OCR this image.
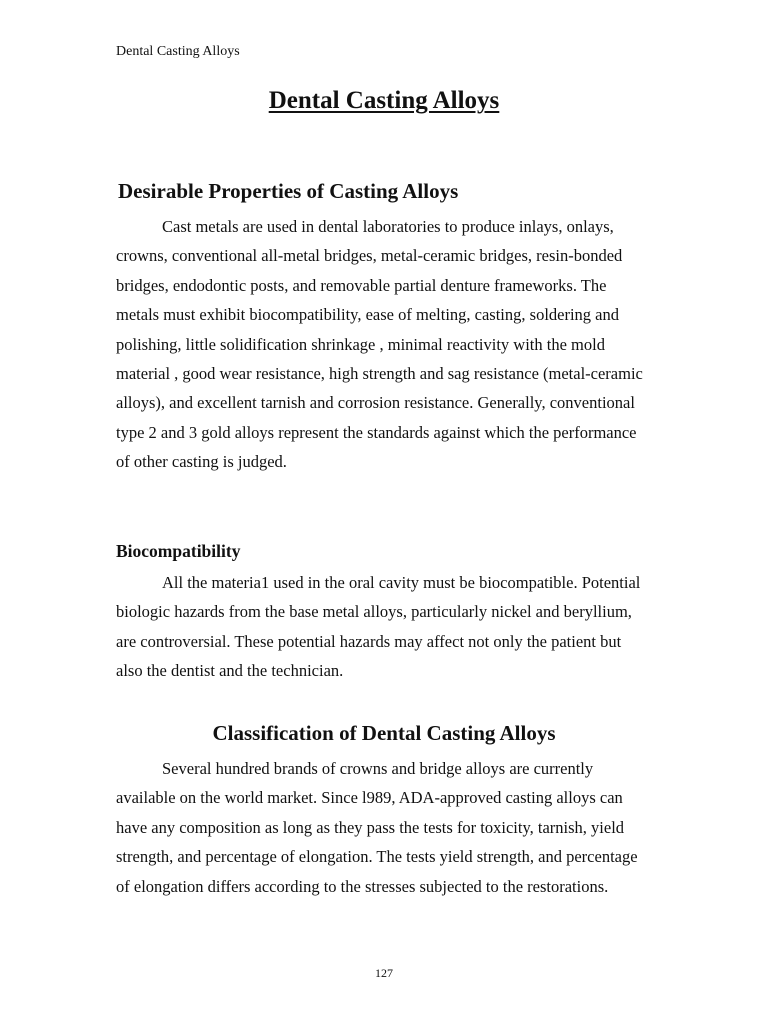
Dental Casting Alloys
Dental Casting Alloys
Desirable Properties of Casting Alloys

Cast metals are used in dental laboratories to produce inlays, onlays, crowns, conventional all-metal bridges, metal-ceramic bridges, resin-bonded bridges, endodontic posts, and removable partial denture frameworks. The metals must exhibit biocompatibility, ease of melting, casting, soldering and polishing, little solidification shrinkage , minimal reactivity with the mold material , good wear resistance, high strength and sag resistance (metal-ceramic alloys), and excellent tarnish and corrosion resistance. Generally, conventional type 2 and 3 gold alloys represent the standards against which the performance of other casting is judged.

Biocompatibility

All the materia1 used in the oral cavity must be biocompatible. Potential biologic hazards from the base metal alloys, particularly nickel and beryllium, are controversial. These potential hazards may affect not only the patient but also the dentist and the technician.

Classification of Dental Casting Alloys

Several hundred brands of crowns and bridge alloys are currently available on the world market. Since l989, ADA-approved casting alloys can have any composition as long as they pass the tests for toxicity, tarnish, yield strength, and percentage of elongation. The tests yield strength, and percentage of elongation differs according to the stresses subjected to the restorations.

127
